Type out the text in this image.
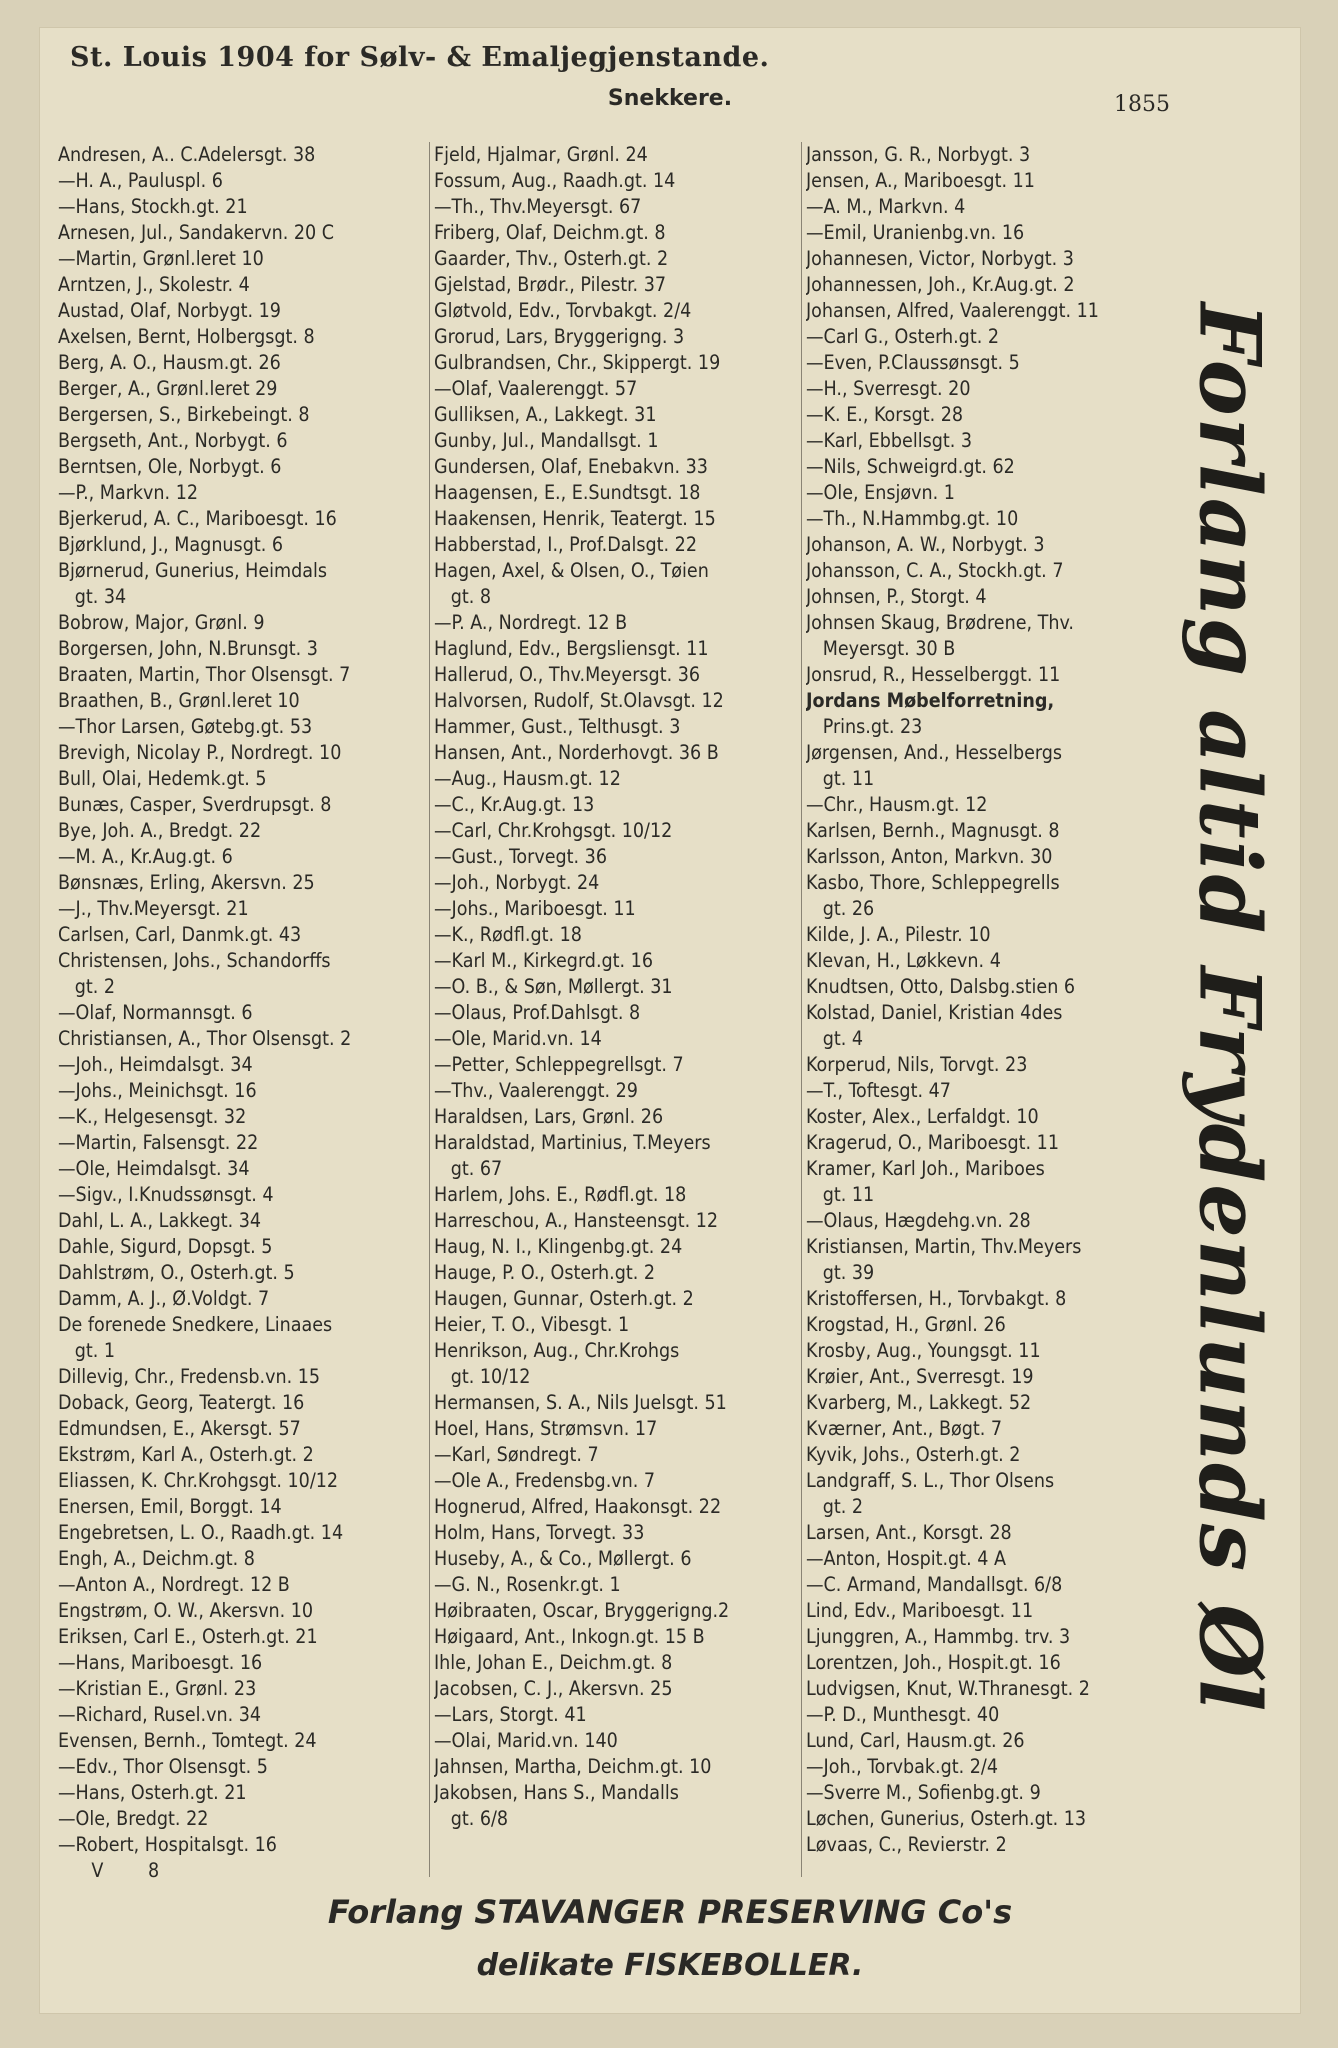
St. Louis 1904 for Sølv- & Emaljegjenstande.
Snekkere.	1855
Andresen, A.. C.Adelersgt. 38
—H. A., Pauluspl. 6
—Hans, Stockh.gt. 21
Arnesen, Jul., Sandakervn. 20 C
—Martin, Grønl.leret 10
Arntzen, J., Skolestr. 4
Austad, Olaf, Norbygt. 19
Axelsen, Bernt, Holbergsgt. 8
Berg, A. O., Hausm.gt. 26
Berger, A., Grønl.leret 29
Bergersen, S., Birkebeingt. 8
Bergseth, Ant., Norbygt. 6
Berntsen, Ole, Norbygt. 6
—P., Markvn. 12
Bjerkerud, A. C., Mariboesgt. 16
Bjørklund, J., Magnusgt. 6
Bjørnerud, Gunerius, Heimdals
gt. 34
Bobrow, Major, Grønl. 9
Borgersen, John, N.Brunsgt. 3
Braaten, Martin, Thor Olsensgt. 7
Braathen, B., Grønl.leret 10
—Thor Larsen, Gøtebg.gt. 53
Brevigh, Nicolay P., Nordregt. 10
Bull, Olai, Hedemk.gt. 5
Bunæs, Casper, Sverdrupsgt. 8
Bye, Joh. A., Bredgt. 22
—M. A., Kr.Aug.gt. 6
Bønsnæs, Erling, Akersvn. 25
—J., Thv.Meyersgt. 21
Carlsen, Carl, Danmk.gt. 43
Christensen, Johs., Schandorffs
gt. 2
—Olaf, Normannsgt. 6
Christiansen, A., Thor Olsensgt. 2
—Joh., Heimdalsgt. 34
—Johs., Meinichsgt. 16
—K., Helgesensgt. 32
—Martin, Falsensgt. 22
—Ole, Heimdalsgt. 34
—Sigv., I.Knudssønsgt. 4
Dahl, L. A., Lakkegt. 34
Dahle, Sigurd, Dopsgt. 5
Dahlstrøm, O., Osterh.gt. 5
Damm, A. J., Ø.Voldgt. 7
De forenede Snedkere, Linaaes
gt. 1
Dillevig, Chr., Fredensb.vn. 15
Doback, Georg, Teatergt. 16
Edmundsen, E., Akersgt. 57
Ekstrøm, Karl A., Osterh.gt. 2
Eliassen, K. Chr.Krohgsgt. 10/12
Enersen, Emil, Borggt. 14
Engebretsen, L. O., Raadh.gt. 14
Engh, A., Deichm.gt. 8
—Anton A., Nordregt. 12 B
Engstrøm, O. W., Akersvn. 10
Eriksen, Carl E., Osterh.gt. 21
—Hans, Mariboesgt. 16
—Kristian E., Grønl. 23
—Richard, Rusel.vn. 34
Evensen, Bernh., Tomtegt. 24
—Edv., Thor Olsensgt. 5
—Hans, Osterh.gt. 21
—Ole, Bredgt. 22
—Robert, Hospitalsgt. 16
V        8
Fjeld, Hjalmar, Grønl. 24
Fossum, Aug., Raadh.gt. 14
—Th., Thv.Meyersgt. 67
Friberg, Olaf, Deichm.gt. 8
Gaarder, Thv., Osterh.gt. 2
Gjelstad, Brødr., Pilestr. 37
Gløtvold, Edv., Torvbakgt. 2/4
Grorud, Lars, Bryggerigng. 3
Gulbrandsen, Chr., Skippergt. 19
—Olaf, Vaalerenggt. 57
Gulliksen, A., Lakkegt. 31
Gunby, Jul., Mandallsgt. 1
Gundersen, Olaf, Enebakvn. 33
Haagensen, E., E.Sundtsgt. 18
Haakensen, Henrik, Teatergt. 15
Habberstad, I., Prof.Dalsgt. 22
Hagen, Axel, & Olsen, O., Tøien
gt. 8
—P. A., Nordregt. 12 B
Haglund, Edv., Bergsliensgt. 11
Hallerud, O., Thv.Meyersgt. 36
Halvorsen, Rudolf, St.Olavsgt. 12
Hammer, Gust., Telthusgt. 3
Hansen, Ant., Norderhovgt. 36 B
—Aug., Hausm.gt. 12
—C., Kr.Aug.gt. 13
—Carl, Chr.Krohgsgt. 10/12
—Gust., Torvegt. 36
—Joh., Norbygt. 24
—Johs., Mariboesgt. 11
—K., Rødfl.gt. 18
—Karl M., Kirkegrd.gt. 16
—O. B., & Søn, Møllergt. 31
—Olaus, Prof.Dahlsgt. 8
—Ole, Marid.vn. 14
—Petter, Schleppegrellsgt. 7
—Thv., Vaalerenggt. 29
Haraldsen, Lars, Grønl. 26
Haraldstad, Martinius, T.Meyers
gt. 67
Harlem, Johs. E., Rødfl.gt. 18
Harreschou, A., Hansteensgt. 12
Haug, N. I., Klingenbg.gt. 24
Hauge, P. O., Osterh.gt. 2
Haugen, Gunnar, Osterh.gt. 2
Heier, T. O., Vibesgt. 1
Henrikson, Aug., Chr.Krohgs
gt. 10/12
Hermansen, S. A., Nils Juelsgt. 51
Hoel, Hans, Strømsvn. 17
—Karl, Søndregt. 7
—Ole A., Fredensbg.vn. 7
Hognerud, Alfred, Haakonsgt. 22
Holm, Hans, Torvegt. 33
Huseby, A., & Co., Møllergt. 6
—G. N., Rosenkr.gt. 1
Høibraaten, Oscar, Bryggerigng.2
Høigaard, Ant., Inkogn.gt. 15 B
Ihle, Johan E., Deichm.gt. 8
Jacobsen, C. J., Akersvn. 25
—Lars, Storgt. 41
—Olai, Marid.vn. 140
Jahnsen, Martha, Deichm.gt. 10
Jakobsen, Hans S., Mandalls
gt. 6/8
Jansson, G. R., Norbygt. 3
Jensen, A., Mariboesgt. 11
—A. M., Markvn. 4
—Emil, Uranienbg.vn. 16
Johannesen, Victor, Norbygt. 3
Johannessen, Joh., Kr.Aug.gt. 2
Johansen, Alfred, Vaalerenggt. 11
—Carl G., Osterh.gt. 2
—Even, P.Claussønsgt. 5
—H., Sverresgt. 20
—K. E., Korsgt. 28
—Karl, Ebbellsgt. 3
—Nils, Schweigrd.gt. 62
—Ole, Ensjøvn. 1
—Th., N.Hammbg.gt. 10
Johanson, A. W., Norbygt. 3
Johansson, C. A., Stockh.gt. 7
Johnsen, P., Storgt. 4
Johnsen Skaug, Brødrene, Thv.
Meyersgt. 30 B
Jonsrud, R., Hesselberggt. 11
Jordans Møbelforretning,
Prins.gt. 23
Jørgensen, And., Hesselbergs
gt. 11
—Chr., Hausm.gt. 12
Karlsen, Bernh., Magnusgt. 8
Karlsson, Anton, Markvn. 30
Kasbo, Thore, Schleppegrells
gt. 26
Kilde, J. A., Pilestr. 10
Klevan, H., Løkkevn. 4
Knudtsen, Otto, Dalsbg.stien 6
Kolstad, Daniel, Kristian 4des
gt. 4
Korperud, Nils, Torvgt. 23
—T., Toftesgt. 47
Koster, Alex., Lerfaldgt. 10
Kragerud, O., Mariboesgt. 11
Kramer, Karl Joh., Mariboes
gt. 11
—Olaus, Hægdehg.vn. 28
Kristiansen, Martin, Thv.Meyers
gt. 39
Kristoffersen, H., Torvbakgt. 8
Krogstad, H., Grønl. 26
Krosby, Aug., Youngsgt. 11
Krøier, Ant., Sverresgt. 19
Kvarberg, M., Lakkegt. 52
Kværner, Ant., Bøgt. 7
Kyvik, Johs., Osterh.gt. 2
Landgraff, S. L., Thor Olsens
gt. 2
Larsen, Ant., Korsgt. 28
—Anton, Hospit.gt. 4 A
—C. Armand, Mandallsgt. 6/8
Lind, Edv., Mariboesgt. 11
Ljunggren, A., Hammbg. trv. 3
Lorentzen, Joh., Hospit.gt. 16
Ludvigsen, Knut, W.Thranesgt. 2
—P. D., Munthesgt. 40
Lund, Carl, Hausm.gt. 26
—Joh., Torvbak.gt. 2/4
—Sverre M., Sofienbg.gt. 9
Løchen, Gunerius, Osterh.gt. 13
Løvaas, C., Revierstr. 2
Forlang altid Frydenlunds Øl
Forlang STAVANGER PRESERVING Co's
delikate FISKEBOLLER.
